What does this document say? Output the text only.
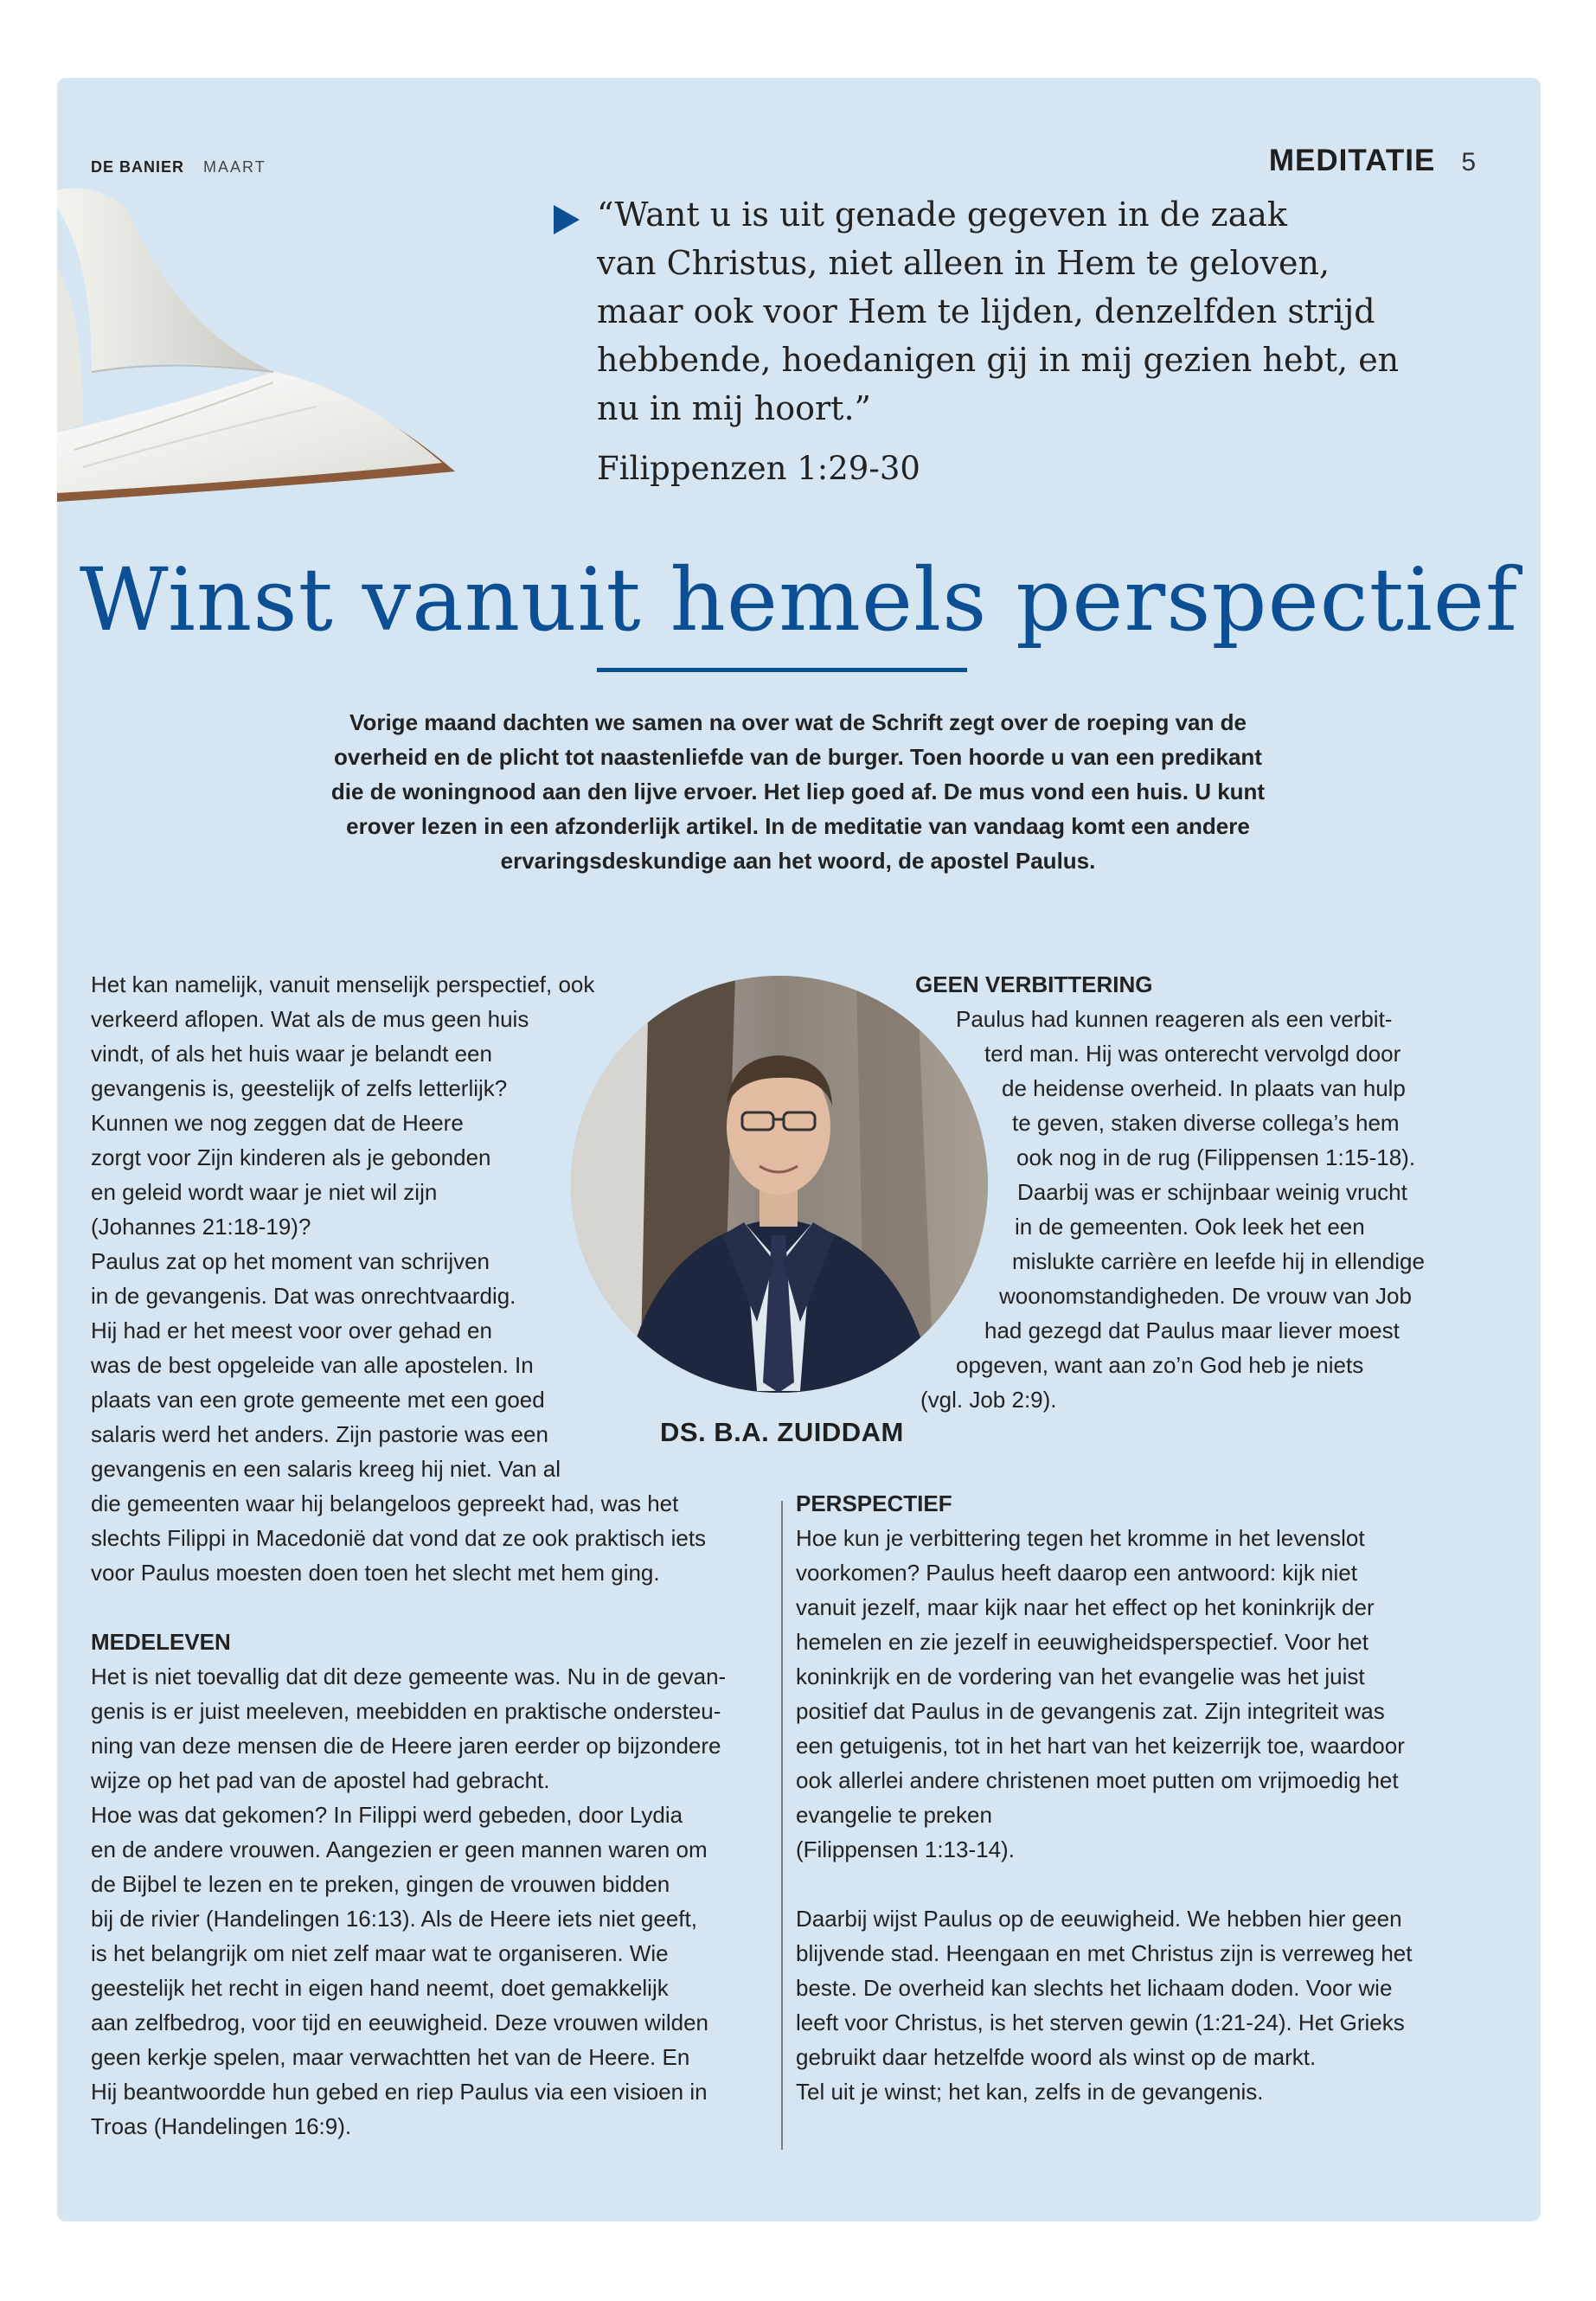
DE BANIER MAART	MEDITATIE 5
“Want u is uit genade gegeven in de zaak
van Christus, niet alleen in Hem te geloven,
maar ook voor Hem te lijden, denzelfden strijd
hebbende, hoedanigen gij in mij gezien hebt, en
nu in mij hoort.”
Filippenzen 1:29-30
Winst vanuit hemels perspectief
Vorige maand dachten we samen na over wat de Schrift zegt over de roeping van de
overheid en de plicht tot naastenliefde van de burger. Toen hoorde u van een predikant
die de woningnood aan den lijve ervoer. Het liep goed af. De mus vond een huis. U kunt
erover lezen in een afzonderlijk artikel. In de meditatie van vandaag komt een andere
ervaringsdeskundige aan het woord, de apostel Paulus.
Het kan namelijk, vanuit menselijk perspectief, ook
verkeerd aflopen. Wat als de mus geen huis
vindt, of als het huis waar je belandt een
gevangenis is, geestelijk of zelfs letterlijk?
Kunnen we nog zeggen dat de Heere
zorgt voor Zijn kinderen als je gebonden
en geleid wordt waar je niet wil zijn
(Johannes 21:18-19)?
Paulus zat op het moment van schrijven
in de gevangenis. Dat was onrechtvaardig.
Hij had er het meest voor over gehad en
was de best opgeleide van alle apostelen. In
plaats van een grote gemeente met een goed
salaris werd het anders. Zijn pastorie was een
gevangenis en een salaris kreeg hij niet. Van al
die gemeenten waar hij belangeloos gepreekt had, was het
slechts Filippi in Macedonië dat vond dat ze ook praktisch iets
voor Paulus moesten doen toen het slecht met hem ging.

MEDELEVEN
Het is niet toevallig dat dit deze gemeente was. Nu in de gevan-
genis is er juist meeleven, meebidden en praktische ondersteu-
ning van deze mensen die de Heere jaren eerder op bijzondere
wijze op het pad van de apostel had gebracht.
Hoe was dat gekomen? In Filippi werd gebeden, door Lydia
en de andere vrouwen. Aangezien er geen mannen waren om
de Bijbel te lezen en te preken, gingen de vrouwen bidden
bij de rivier (Handelingen 16:13). Als de Heere iets niet geeft,
is het belangrijk om niet zelf maar wat te organiseren. Wie
geestelijk het recht in eigen hand neemt, doet gemakkelijk
aan zelfbedrog, voor tijd en eeuwigheid. Deze vrouwen wilden
geen kerkje spelen, maar verwachtten het van de Heere. En
Hij beantwoordde hun gebed en riep Paulus via een visioen in
Troas (Handelingen 16:9).
DS. B.A. ZUIDDAM
GEEN VERBITTERING
Paulus had kunnen reageren als een verbit-
terd man. Hij was onterecht vervolgd door
de heidense overheid. In plaats van hulp
te geven, staken diverse collega’s hem
ook nog in de rug (Filippensen 1:15-18).
Daarbij was er schijnbaar weinig vrucht
in de gemeenten. Ook leek het een
mislukte carrière en leefde hij in ellendige
woonomstandigheden. De vrouw van Job
had gezegd dat Paulus maar liever moest
opgeven, want aan zo’n God heb je niets
(vgl. Job 2:9).
PERSPECTIEF
Hoe kun je verbittering tegen het kromme in het levenslot
voorkomen? Paulus heeft daarop een antwoord: kijk niet
vanuit jezelf, maar kijk naar het effect op het koninkrijk der
hemelen en zie jezelf in eeuwigheidsperspectief. Voor het
koninkrijk en de vordering van het evangelie was het juist
positief dat Paulus in de gevangenis zat. Zijn integriteit was
een getuigenis, tot in het hart van het keizerrijk toe, waardoor
ook allerlei andere christenen moet putten om vrijmoedig het
evangelie te preken
(Filippensen 1:13-14).

Daarbij wijst Paulus op de eeuwigheid. We hebben hier geen
blijvende stad. Heengaan en met Christus zijn is verreweg het
beste. De overheid kan slechts het lichaam doden. Voor wie
leeft voor Christus, is het sterven gewin (1:21-24). Het Grieks
gebruikt daar hetzelfde woord als winst op de markt.
Tel uit je winst; het kan, zelfs in de gevangenis.
